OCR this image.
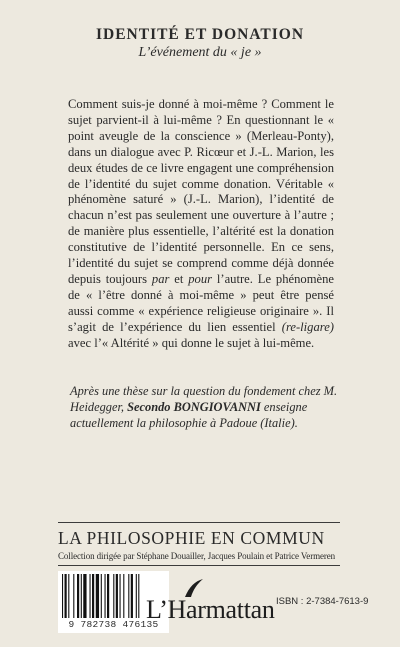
IDENTITÉ ET DONATION
L’événement du « je »

Comment suis-je donné à moi-même ? Comment le sujet parvient-il à lui-même ? En questionnant le « point aveugle de la conscience » (Merleau-Ponty), dans un dialogue avec P. Ricœur et J.-L. Marion, les deux études de ce livre engagent une compréhension de l’identité du sujet comme donation. Véritable « phénomène saturé » (J.-L. Marion), l’identité de chacun n’est pas seulement une ouverture à l’autre ; de manière plus essentielle, l’altérité est la donation constitutive de l’identité personnelle. En ce sens, l’identité du sujet se comprend comme déjà donnée depuis toujours par et pour l’autre. Le phénomène de « l’être donné à moi-même » peut être pensé aussi comme « expérience religieuse originaire ». Il s’agit de l’expérience du lien essentiel (re-ligare) avec l’« Altérité » qui donne le sujet à lui-même.

Après une thèse sur la question du fondement chez M. Heidegger, Secondo BONGIOVANNI enseigne actuellement la philosophie à Padoue (Italie).

LA PHILOSOPHIE EN COMMUN
Collection dirigée par Stéphane Douailler, Jacques Poulain et Patrice Vermeren
9 782738 476135
L’Harmattan ISBN : 2-7384-7613-9
